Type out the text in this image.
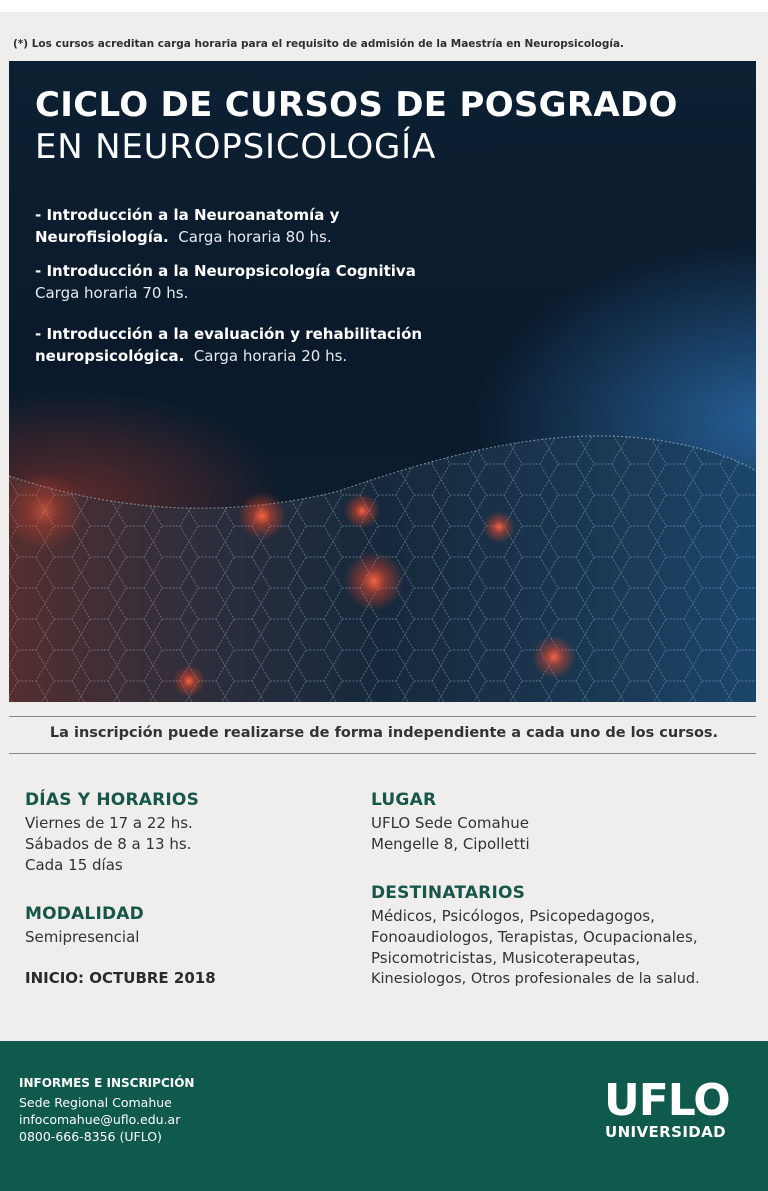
(*) Los cursos acreditan carga horaria para el requisito de admisión de la Maestría en Neuropsicología.
CICLO DE CURSOS DE POSGRADO
EN NEUROPSICOLOGÍA
- Introducción a la Neuroanatomía y
Neurofisiología. Carga horaria 80 hs.
- Introducción a la Neuropsicología Cognitiva
Carga horaria 70 hs.
- Introducción a la evaluación y rehabilitación
neuropsicológica. Carga horaria 20 hs.
La inscripción puede realizarse de forma independiente a cada uno de los cursos.
DÍAS Y HORARIOS
Viernes de 17 a 22 hs.
Sábados de 8 a 13 hs.
Cada 15 días
MODALIDAD
Semipresencial
INICIO: OCTUBRE 2018
LUGAR
UFLO Sede Comahue
Mengelle 8, Cipolletti
DESTINATARIOS
Médicos, Psicólogos, Psicopedagogos,
Fonoaudiologos, Terapistas, Ocupacionales,
Psicomotricistas, Musicoterapeutas,
Kinesiologos, Otros profesionales de la salud.
INFORMES E INSCRIPCIÓN
Sede Regional Comahue
infocomahue@uflo.edu.ar
0800-666-8356 (UFLO)
UFLO
UNIVERSIDAD
